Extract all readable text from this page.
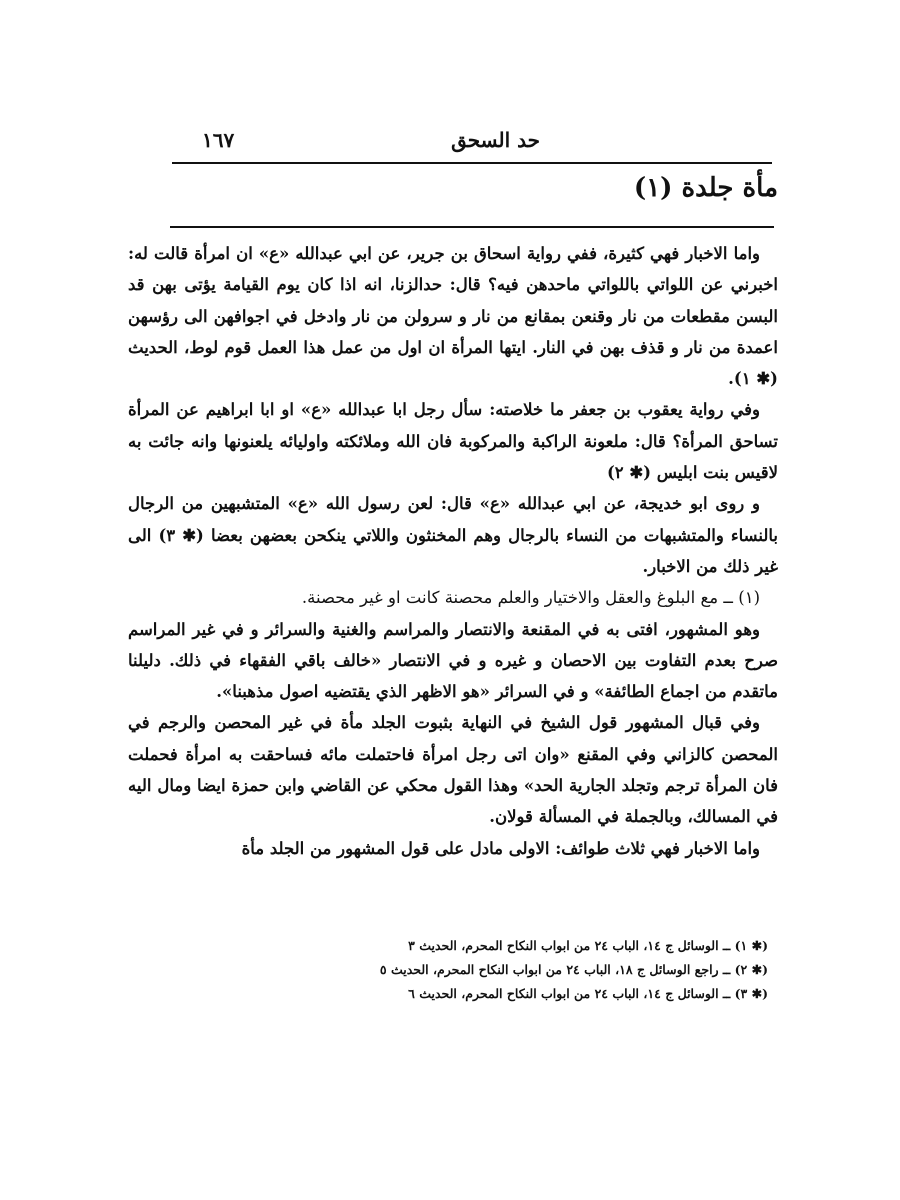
١٦٧	حد السحق
مأة جلدة (١)

واما الاخبار فهي كثيرة، ففي رواية اسحاق بن جرير، عن ابي عبدالله «ع» ان امرأة قالت له: اخبرني عن اللواتي باللواتي ماحدهن فيه؟ قال: حدالزنا، انه اذا كان يوم القيامة يؤتى بهن قد البسن مقطعات من نار وقنعن بمقانع من نار و سرولن من نار وادخل في اجوافهن الى رؤسهن اعمدة من نار و قذف بهن في النار. ايتها المرأة ان اول من عمل هذا العمل قوم لوط، الحديث (✱ ١).

وفي رواية يعقوب بن جعفر ما خلاصته: سأل رجل ابا عبدالله «ع» او ابا ابراهيم عن المرأة تساحق المرأة؟ قال: ملعونة الراكبة والمركوبة فان الله وملائكته واوليائه يلعنونها وانه جائت به لاقيس بنت ابليس (✱ ٢)

و روى ابو خديجة، عن ابي عبدالله «ع» قال: لعن رسول الله «ع» المتشبهين من الرجال بالنساء والمتشبهات من النساء بالرجال وهم المخنثون واللاتي ينكحن بعضهن بعضا (✱ ٣) الى غير ذلك من الاخبار.

(١) ــ مع البلوغ والعقل والاختيار والعلم محصنة كانت او غير محصنة.

وهو المشهور، افتى به في المقنعة والانتصار والمراسم والغنية والسرائر و في غير المراسم صرح بعدم التفاوت بين الاحصان و غيره و في الانتصار «خالف باقي الفقهاء في ذلك. دليلنا ماتقدم من اجماع الطائفة» و في السرائر «هو الاظهر الذي يقتضيه اصول مذهبنا».

وفي قبال المشهور قول الشيخ في النهاية بثبوت الجلد مأة في غير المحصن والرجم في المحصن كالزاني وفي المقنع «وان اتى رجل امرأة فاحتملت مائه فساحقت به امرأة فحملت فان المرأة ترجم وتجلد الجارية الحد» وهذا القول محكي عن القاضي وابن حمزة ايضا ومال اليه في المسالك، وبالجملة في المسألة قولان.

واما الاخبار فهي ثلاث طوائف: الاولى مادل على قول المشهور من الجلد مأة

(✱ ١) ــ الوسائل ج ١٤، الباب ٢٤ من ابواب النكاح المحرم، الحديث ٣

(✱ ٢) ــ راجع الوسائل ج ١٨، الباب ٢٤ من ابواب النكاح المحرم، الحديث ٥

(✱ ٣) ــ الوسائل ج ١٤، الباب ٢٤ من ابواب النكاح المحرم، الحديث ٦
